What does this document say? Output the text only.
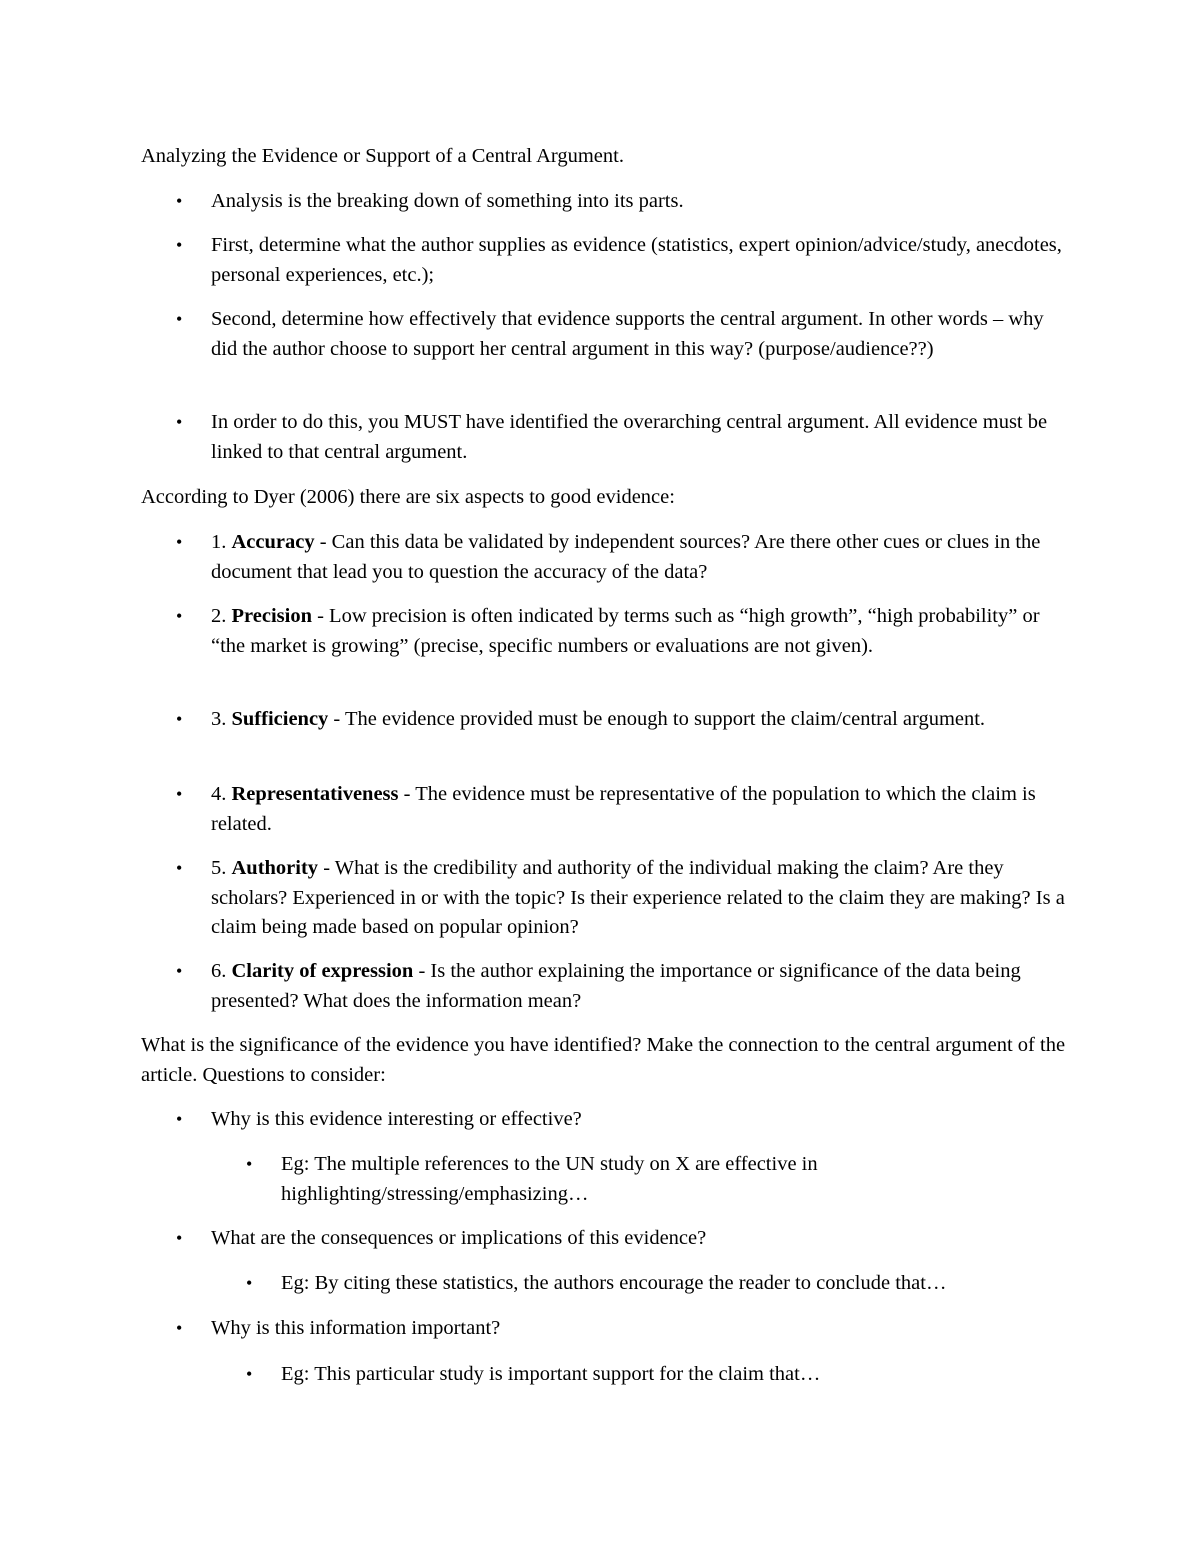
Analyzing the Evidence or Support of a Central Argument.

•	Analysis is the breaking down of something into its parts.

•	First, determine what the author supplies as evidence (statistics, expert opinion/advice/study, anecdotes, personal experiences, etc.);

•	Second, determine how effectively that evidence supports the central argument. In other words – why did the author choose to support her central argument in this way? (purpose/audience??)

•	In order to do this, you MUST have identified the overarching central argument. All evidence must be linked to that central argument.

According to Dyer (2006) there are six aspects to good evidence:

•	1. Accuracy - Can this data be validated by independent sources? Are there other cues or clues in the document that lead you to question the accuracy of the data?

•	2. Precision - Low precision is often indicated by terms such as “high growth”, “high probability” or “the market is growing” (precise, specific numbers or evaluations are not given).

•	3. Sufficiency - The evidence provided must be enough to support the claim/central argument.

•	4. Representativeness - The evidence must be representative of the population to which the claim is related.

•	5. Authority - What is the credibility and authority of the individual making the claim? Are they scholars? Experienced in or with the topic? Is their experience related to the claim they are making? Is a claim being made based on popular opinion?

•	6. Clarity of expression - Is the author explaining the importance or significance of the data being presented? What does the information mean?

What is the significance of the evidence you have identified? Make the connection to the central argument of the article. Questions to consider:

•	Why is this evidence interesting or effective?

•	Eg: The multiple references to the UN study on X are effective in highlighting/stressing/emphasizing…

•	What are the consequences or implications of this evidence?

•	Eg: By citing these statistics, the authors encourage the reader to conclude that…

•	Why is this information important?

•	Eg: This particular study is important support for the claim that…
